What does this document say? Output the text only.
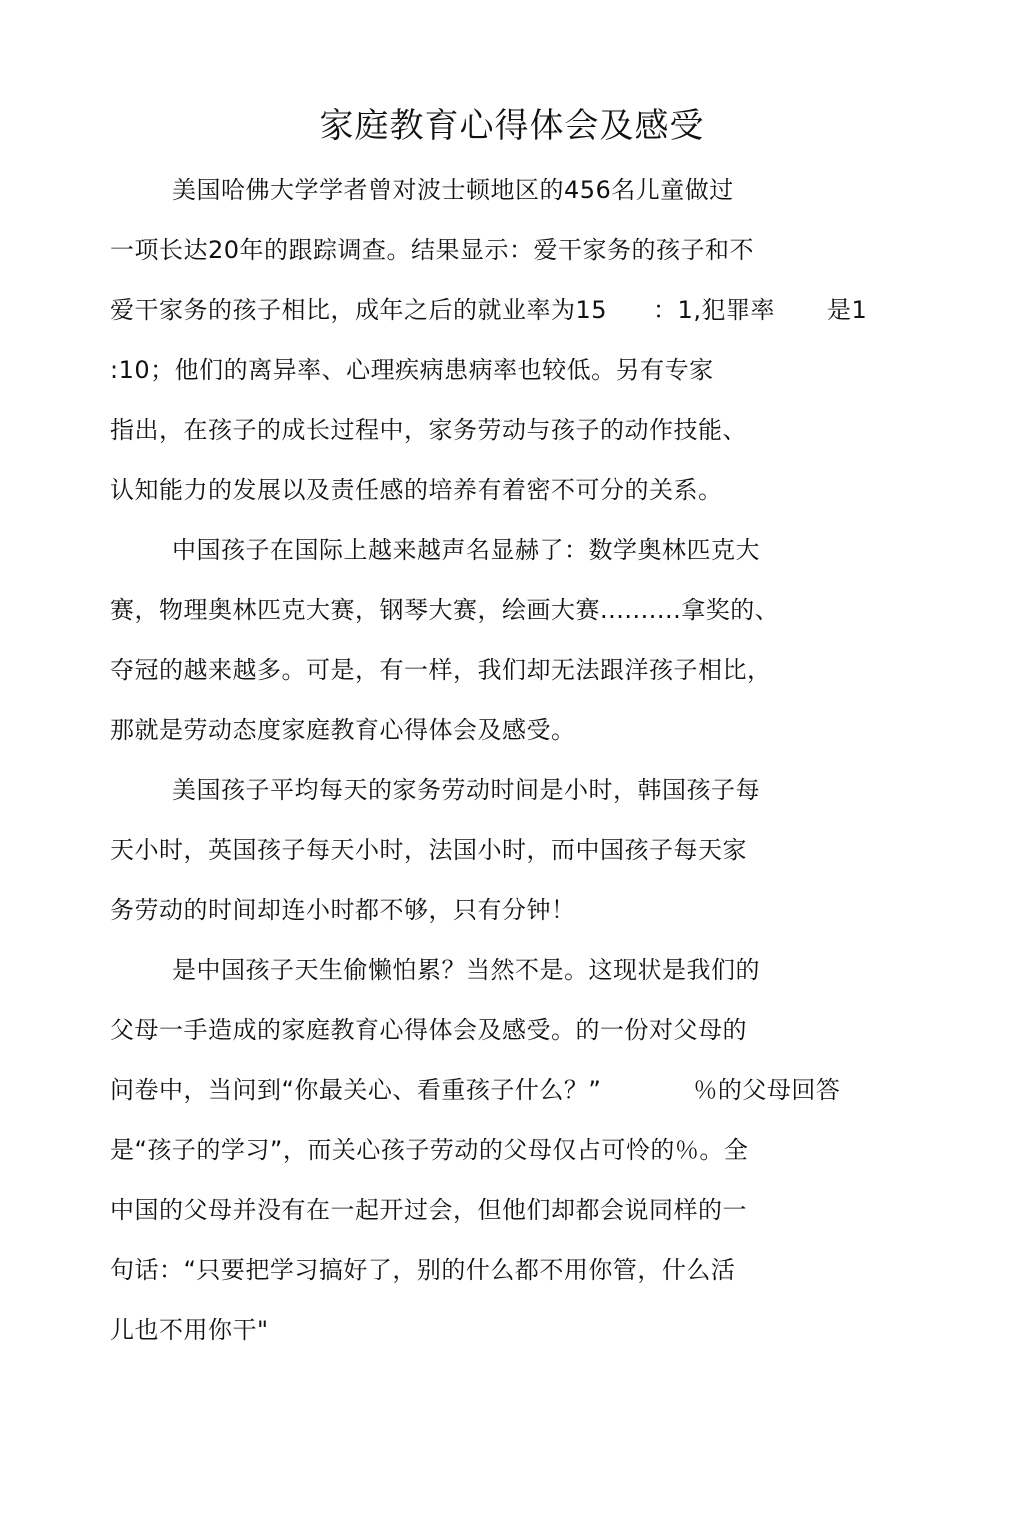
家庭教育心得体会及感受
美国哈佛大学学者曾对波士顿地区的456名儿童做过
一项长达20年的跟踪调查。结果显示：爱干家务的孩子和不
爱干家务的孩子相比，成年之后的就业率为15 ：1,犯罪率 是1
:10；他们的离异率、心理疾病患病率也较低。另有专家
指出，在孩子的成长过程中，家务劳动与孩子的动作技能、
认知能力的发展以及责任感的培养有着密不可分的关系。
中国孩子在国际上越来越声名显赫了：数学奥林匹克大
赛，物理奥林匹克大赛，钢琴大赛，绘画大赛..........拿奖的、
夺冠的越来越多。可是，有一样，我们却无法跟洋孩子相比，
那就是劳动态度家庭教育心得体会及感受。
美国孩子平均每天的家务劳动时间是小时，韩国孩子每
天小时，英国孩子每天小时，法国小时，而中国孩子每天家
务劳动的时间却连小时都不够，只有分钟！
是中国孩子天生偷懒怕累？当然不是。这现状是我们的
父母一手造成的家庭教育心得体会及感受。的一份对父母的
问卷中，当问到“你最关心、看重孩子什么？”	％的父母回答
是“孩子的学习”，而关心孩子劳动的父母仅占可怜的％。全
中国的父母并没有在一起开过会，但他们却都会说同样的一
句话：“只要把学习搞好了，别的什么都不用你管，什么活
儿也不用你干"
